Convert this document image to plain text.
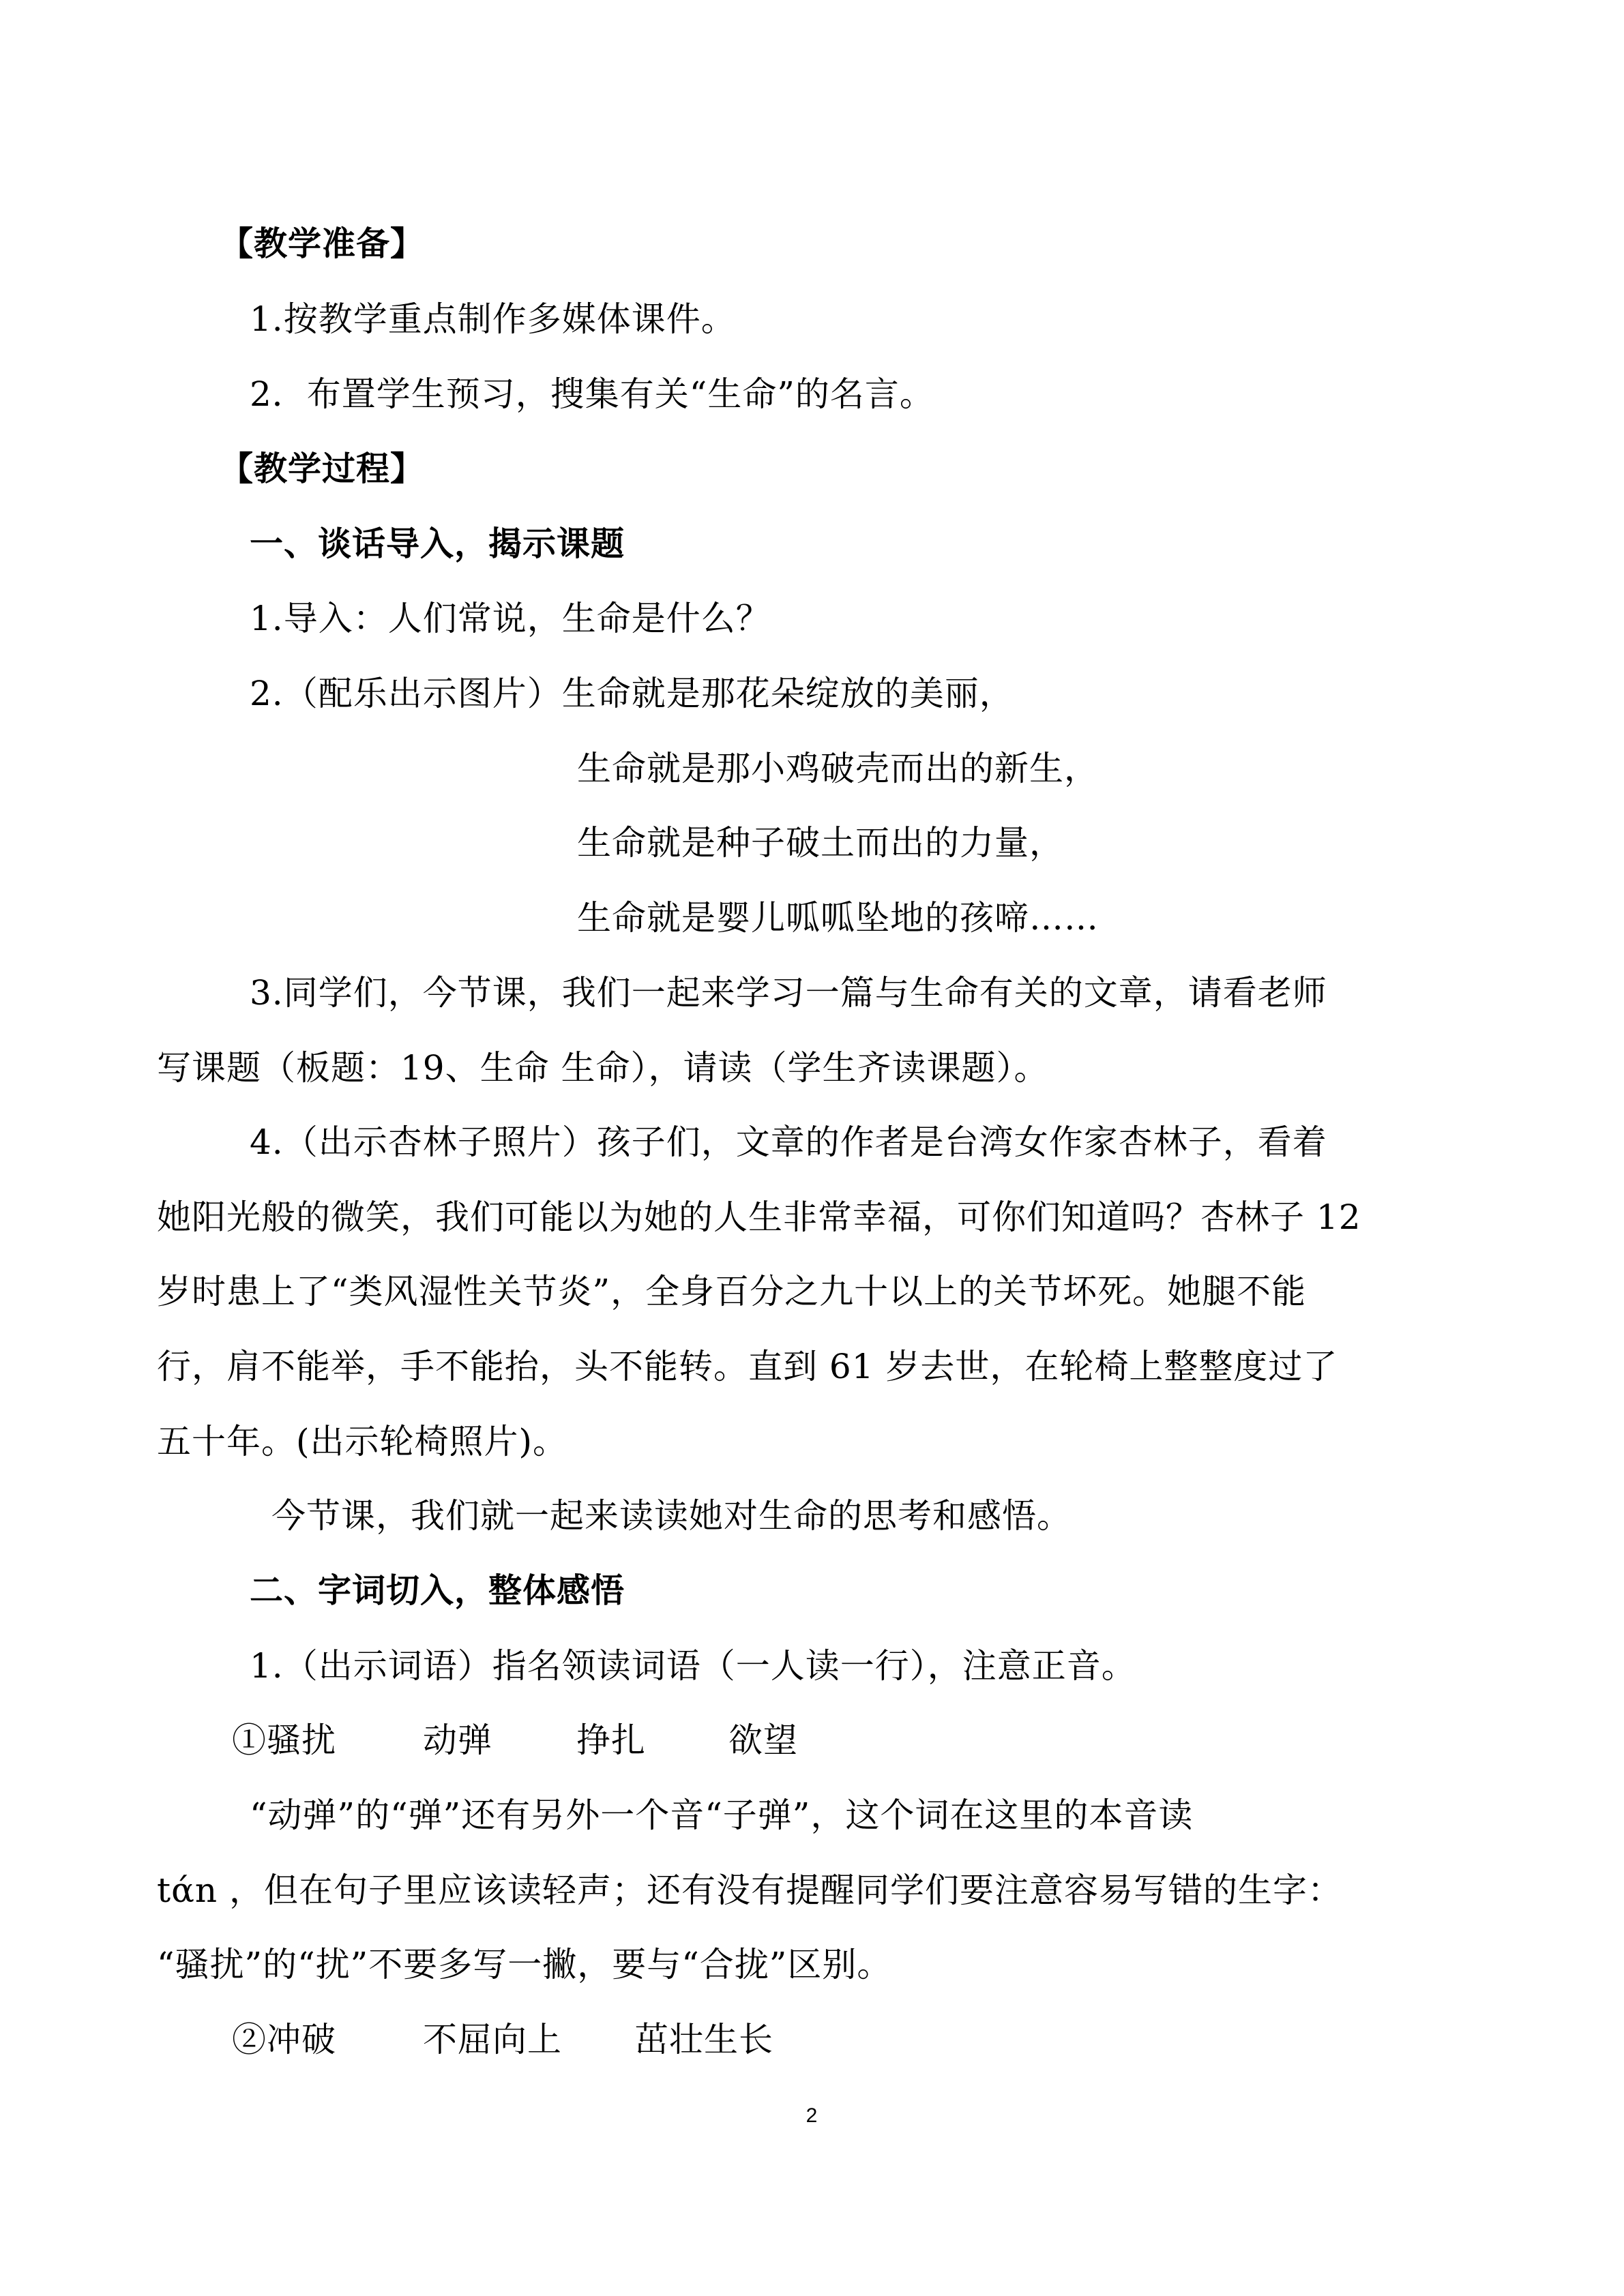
【教学准备】
1.按教学重点制作多媒体课件。
2．布置学生预习，搜集有关“生命”的名言。
【教学过程】
一、谈话导入，揭示课题
1.导入：人们常说，生命是什么？
2.（配乐出示图片）生命就是那花朵绽放的美丽，
生命就是那小鸡破壳而出的新生，
生命就是种子破土而出的力量，
生命就是婴儿呱呱坠地的孩啼……
3.同学们，今节课，我们一起来学习一篇与生命有关的文章，请看老师
写课题（板题：19、生命 生命），请读（学生齐读课题）。
4.（出示杏林子照片）孩子们，文章的作者是台湾女作家杏林子，看着
她阳光般的微笑，我们可能以为她的人生非常幸福，可你们知道吗？杏林子 12
岁时患上了“类风湿性关节炎”，全身百分之九十以上的关节坏死。她腿不能
行，肩不能举，手不能抬，头不能转。直到 61 岁去世，在轮椅上整整度过了
五十年。(出示轮椅照片)。
今节课，我们就一起来读读她对生命的思考和感悟。
二、字词切入，整体感悟
1.（出示词语）指名领读词语（一人读一行），注意正音。
①骚扰	动弹 挣扎 欲望
“动弹”的“弹”还有另外一个音“子弹”，这个词在这里的本音读
tάn ，但在句子里应该读轻声；还有没有提醒同学们要注意容易写错的生字：
“骚扰”的“扰”不要多写一撇，要与“合拢”区别。
②冲破	不屈向上 茁壮生长
2
